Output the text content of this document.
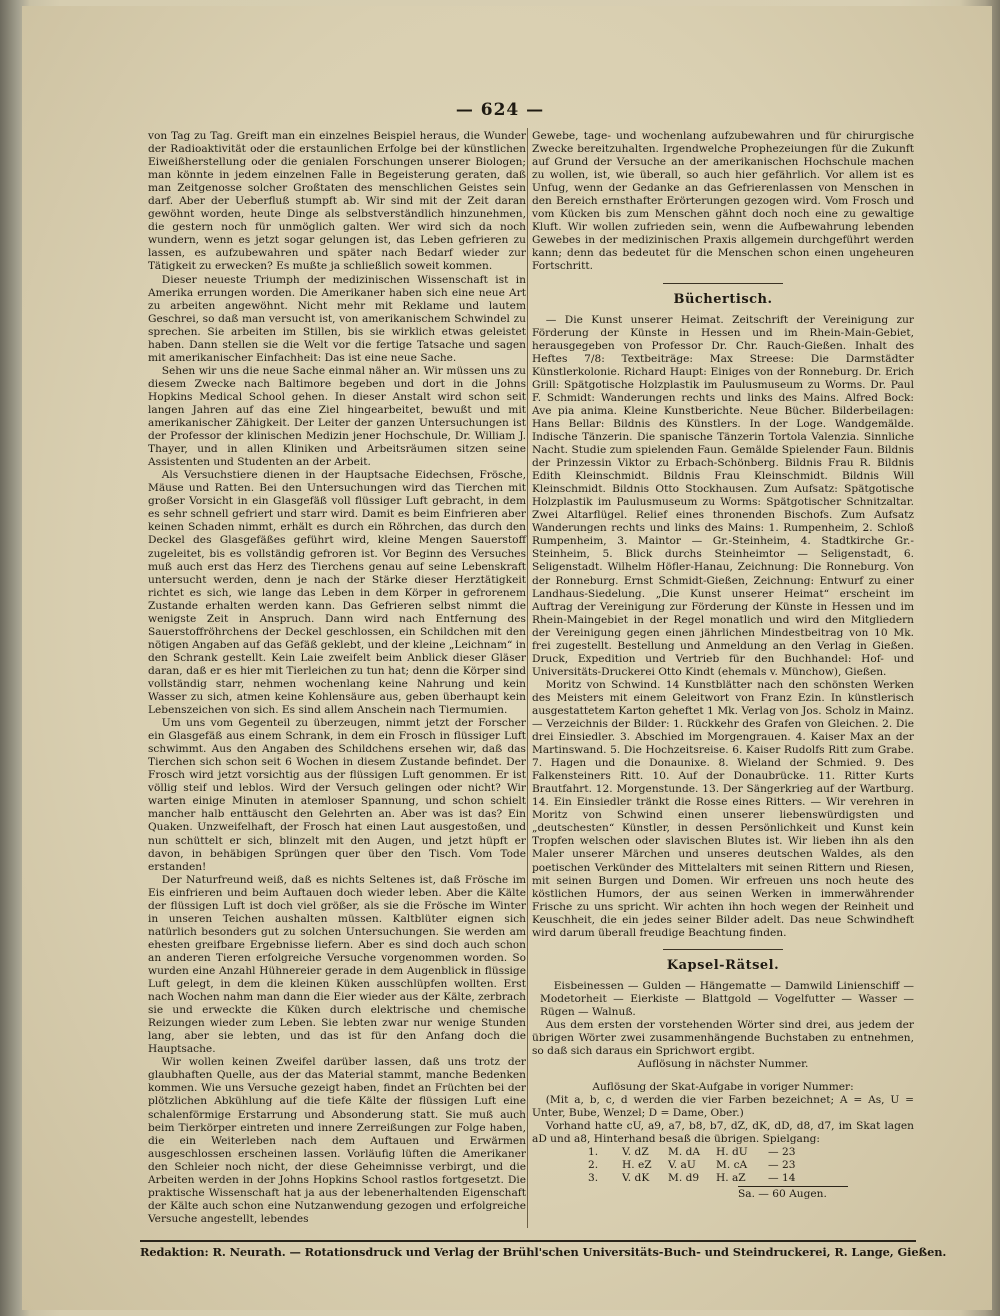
— 624 —

von Tag zu Tag. Greift man ein einzelnes Beispiel heraus, die Wunder der Radioaktivität oder die erstaunlichen Erfolge bei der künstlichen Eiweißherstellung oder die genialen Forschungen unserer Biologen; man könnte in jedem einzelnen Falle in Begeisterung geraten, daß man Zeitgenosse solcher Großtaten des menschlichen Geistes sein darf. Aber der Ueberfluß stumpft ab. Wir sind mit der Zeit daran gewöhnt worden, heute Dinge als selbstverständlich hinzunehmen, die gestern noch für unmöglich galten. Wer wird sich da noch wundern, wenn es jetzt sogar gelungen ist, das Leben gefrieren zu lassen, es aufzubewahren und später nach Bedarf wieder zur Tätigkeit zu erwecken? Es mußte ja schließlich soweit kommen.

Dieser neueste Triumph der medizinischen Wissenschaft ist in Amerika errungen worden. Die Amerikaner haben sich eine neue Art zu arbeiten angewöhnt. Nicht mehr mit Reklame und lautem Geschrei, so daß man versucht ist, von amerikanischem Schwindel zu sprechen. Sie arbeiten im Stillen, bis sie wirklich etwas geleistet haben. Dann stellen sie die Welt vor die fertige Tatsache und sagen mit amerikanischer Einfachheit: Das ist eine neue Sache.

Sehen wir uns die neue Sache einmal näher an. Wir müssen uns zu diesem Zwecke nach Baltimore begeben und dort in die Johns Hopkins Medical School gehen. In dieser Anstalt wird schon seit langen Jahren auf das eine Ziel hingearbeitet, bewußt und mit amerikanischer Zähigkeit. Der Leiter der ganzen Untersuchungen ist der Professor der klinischen Medizin jener Hochschule, Dr. William J. Thayer, und in allen Kliniken und Arbeitsräumen sitzen seine Assistenten und Studenten an der Arbeit.

Als Versuchstiere dienen in der Hauptsache Eidechsen, Frösche, Mäuse und Ratten. Bei den Untersuchungen wird das Tierchen mit großer Vorsicht in ein Glasgefäß voll flüssiger Luft gebracht, in dem es sehr schnell gefriert und starr wird. Damit es beim Einfrieren aber keinen Schaden nimmt, erhält es durch ein Röhrchen, das durch den Deckel des Glasgefäßes geführt wird, kleine Mengen Sauerstoff zugeleitet, bis es vollständig gefroren ist. Vor Beginn des Versuches muß auch erst das Herz des Tierchens genau auf seine Lebenskraft untersucht werden, denn je nach der Stärke dieser Herztätigkeit richtet es sich, wie lange das Leben in dem Körper in gefrorenem Zustande erhalten werden kann. Das Gefrieren selbst nimmt die wenigste Zeit in Anspruch. Dann wird nach Entfernung des Sauerstoffröhrchens der Deckel geschlossen, ein Schildchen mit den nötigen Angaben auf das Gefäß geklebt, und der kleine „Leichnam“ in den Schrank gestellt. Kein Laie zweifelt beim Anblick dieser Gläser daran, daß er es hier mit Tierleichen zu tun hat; denn die Körper sind vollständig starr, nehmen wochenlang keine Nahrung und kein Wasser zu sich, atmen keine Kohlensäure aus, geben überhaupt kein Lebenszeichen von sich. Es sind allem Anschein nach Tiermumien.

Um uns vom Gegenteil zu überzeugen, nimmt jetzt der Forscher ein Glasgefäß aus einem Schrank, in dem ein Frosch in flüssiger Luft schwimmt. Aus den Angaben des Schildchens ersehen wir, daß das Tierchen sich schon seit 6 Wochen in diesem Zustande befindet. Der Frosch wird jetzt vorsichtig aus der flüssigen Luft genommen. Er ist völlig steif und leblos. Wird der Versuch gelingen oder nicht? Wir warten einige Minuten in atemloser Spannung, und schon schielt mancher halb enttäuscht den Gelehrten an. Aber was ist das? Ein Quaken. Unzweifelhaft, der Frosch hat einen Laut ausgestoßen, und nun schüttelt er sich, blinzelt mit den Augen, und jetzt hüpft er davon, in behäbigen Sprüngen quer über den Tisch. Vom Tode erstanden!

Der Naturfreund weiß, daß es nichts Seltenes ist, daß Frösche im Eis einfrieren und beim Auftauen doch wieder leben. Aber die Kälte der flüssigen Luft ist doch viel größer, als sie die Frösche im Winter in unseren Teichen aushalten müssen. Kaltblüter eignen sich natürlich besonders gut zu solchen Untersuchungen. Sie werden am ehesten greifbare Ergebnisse liefern. Aber es sind doch auch schon an anderen Tieren erfolgreiche Versuche vorgenommen worden. So wurden eine Anzahl Hühnereier gerade in dem Augenblick in flüssige Luft gelegt, in dem die kleinen Küken ausschlüpfen wollten. Erst nach Wochen nahm man dann die Eier wieder aus der Kälte, zerbrach sie und erweckte die Küken durch elektrische und chemische Reizungen wieder zum Leben. Sie lebten zwar nur wenige Stunden lang, aber sie lebten, und das ist für den Anfang doch die Hauptsache.

Wir wollen keinen Zweifel darüber lassen, daß uns trotz der glaubhaften Quelle, aus der das Material stammt, manche Bedenken kommen. Wie uns Versuche gezeigt haben, findet an Früchten bei der plötzlichen Abkühlung auf die tiefe Kälte der flüssigen Luft eine schalenförmige Erstarrung und Absonderung statt. Sie muß auch beim Tierkörper eintreten und innere Zerreißungen zur Folge haben, die ein Weiterleben nach dem Auftauen und Erwärmen ausgeschlossen erscheinen lassen. Vorläufig lüften die Amerikaner den Schleier noch nicht, der diese Geheimnisse verbirgt, und die Arbeiten werden in der Johns Hopkins School rastlos fortgesetzt. Die praktische Wissenschaft hat ja aus der lebenerhaltenden Eigenschaft der Kälte auch schon eine Nutzanwendung gezogen und erfolgreiche Versuche angestellt, lebendes

Gewebe, tage- und wochenlang aufzubewahren und für chirurgische Zwecke bereitzuhalten. Irgendwelche Prophezeiungen für die Zukunft auf Grund der Versuche an der amerikanischen Hochschule machen zu wollen, ist, wie überall, so auch hier gefährlich. Vor allem ist es Unfug, wenn der Gedanke an das Gefrierenlassen von Menschen in den Bereich ernsthafter Erörterungen gezogen wird. Vom Frosch und vom Kücken bis zum Menschen gähnt doch noch eine zu gewaltige Kluft. Wir wollen zufrieden sein, wenn die Aufbewahrung lebenden Gewebes in der medizinischen Praxis allgemein durchgeführt werden kann; denn das bedeutet für die Menschen schon einen ungeheuren Fortschritt.

Büchertisch.

— Die Kunst unserer Heimat. Zeitschrift der Vereinigung zur Förderung der Künste in Hessen und im Rhein-Main-Gebiet, herausgegeben von Professor Dr. Chr. Rauch-Gießen. Inhalt des Heftes 7/8: Textbeiträge: Max Streese: Die Darmstädter Künstlerkolonie. Richard Haupt: Einiges von der Ronneburg. Dr. Erich Grill: Spätgotische Holzplastik im Paulusmuseum zu Worms. Dr. Paul F. Schmidt: Wanderungen rechts und links des Mains. Alfred Bock: Ave pia anima. Kleine Kunstberichte. Neue Bücher. Bilderbeilagen: Hans Bellar: Bildnis des Künstlers. In der Loge. Wandgemälde. Indische Tänzerin. Die spanische Tänzerin Tortola Valenzia. Sinnliche Nacht. Studie zum spielenden Faun. Gemälde Spielender Faun. Bildnis der Prinzessin Viktor zu Erbach-Schönberg. Bildnis Frau R. Bildnis Edith Kleinschmidt. Bildnis Frau Kleinschmidt. Bildnis Will Kleinschmidt. Bildnis Otto Stockhausen. Zum Aufsatz: Spätgotische Holzplastik im Paulusmuseum zu Worms: Spätgotischer Schnitzaltar. Zwei Altarflügel. Relief eines thronenden Bischofs. Zum Aufsatz Wanderungen rechts und links des Mains: 1. Rumpenheim, 2. Schloß Rumpenheim, 3. Maintor — Gr.-Steinheim, 4. Stadtkirche Gr.-Steinheim, 5. Blick durchs Steinheimtor — Seligenstadt, 6. Seligenstadt. Wilhelm Höfler-Hanau, Zeichnung: Die Ronneburg. Von der Ronneburg. Ernst Schmidt-Gießen, Zeichnung: Entwurf zu einer Landhaus-Siedelung. „Die Kunst unserer Heimat“ erscheint im Auftrag der Vereinigung zur Förderung der Künste in Hessen und im Rhein-Maingebiet in der Regel monatlich und wird den Mitgliedern der Vereinigung gegen einen jährlichen Mindestbeitrag von 10 Mk. frei zugestellt. Bestellung und Anmeldung an den Verlag in Gießen. Druck, Expedition und Vertrieb für den Buchhandel: Hof- und Universitäts-Druckerei Otto Kindt (ehemals v. Münchow), Gießen.

Moritz von Schwind. 14 Kunstblätter nach den schönsten Werken des Meisters mit einem Geleitwort von Franz Ezin. In künstlerisch ausgestattetem Karton geheftet 1 Mk. Verlag von Jos. Scholz in Mainz. — Verzeichnis der Bilder: 1. Rückkehr des Grafen von Gleichen. 2. Die drei Einsiedler. 3. Abschied im Morgengrauen. 4. Kaiser Max an der Martinswand. 5. Die Hochzeitsreise. 6. Kaiser Rudolfs Ritt zum Grabe. 7. Hagen und die Donaunixe. 8. Wieland der Schmied. 9. Des Falkensteiners Ritt. 10. Auf der Donaubrücke. 11. Ritter Kurts Brautfahrt. 12. Morgenstunde. 13. Der Sängerkrieg auf der Wartburg. 14. Ein Einsiedler tränkt die Rosse eines Ritters. — Wir verehren in Moritz von Schwind einen unserer liebenswürdigsten und „deutschesten“ Künstler, in dessen Persönlichkeit und Kunst kein Tropfen welschen oder slavischen Blutes ist. Wir lieben ihn als den Maler unserer Märchen und unseres deutschen Waldes, als den poetischen Verkünder des Mittelalters mit seinen Rittern und Riesen, mit seinen Burgen und Domen. Wir erfreuen uns noch heute des köstlichen Humors, der aus seinen Werken in immerwährender Frische zu uns spricht. Wir achten ihn hoch wegen der Reinheit und Keuschheit, die ein jedes seiner Bilder adelt. Das neue Schwindheft wird darum überall freudige Beachtung finden.

Kapsel-Rätsel.

Eisbeinessen — Gulden — Hängematte — Damwild Linienschiff — Modetorheit — Eierkiste — Blattgold — Vogelfutter — Wasser — Rügen — Walnuß.

Aus dem ersten der vorstehenden Wörter sind drei, aus jedem der übrigen Wörter zwei zusammenhängende Buchstaben zu entnehmen, so daß sich daraus ein Sprichwort ergibt.

Auflösung in nächster Nummer.

Auflösung der Skat-Aufgabe in voriger Nummer:

(Mit a, b, c, d werden die vier Farben bezeichnet; A = As, U = Unter, Bube, Wenzel; D = Dame, Ober.)

Vorhand hatte cU, a9, a7, b8, b7, dZ, dK, dD, d8, d7, im Skat lagen aD und a8, Hinterhand besaß die übrigen. Spielgang:

1.	V. dZ	M. dA	H. dU	— 23
2.	H. eZ	V. aU	M. cA	— 23
3.	V. dK	M. d9	H. aZ	— 14
Sa. — 60 Augen.
Redaktion: R. Neurath. — Rotationsdruck und Verlag der Brühl'schen Universitäts-Buch- und Steindruckerei, R. Lange, Gießen.
